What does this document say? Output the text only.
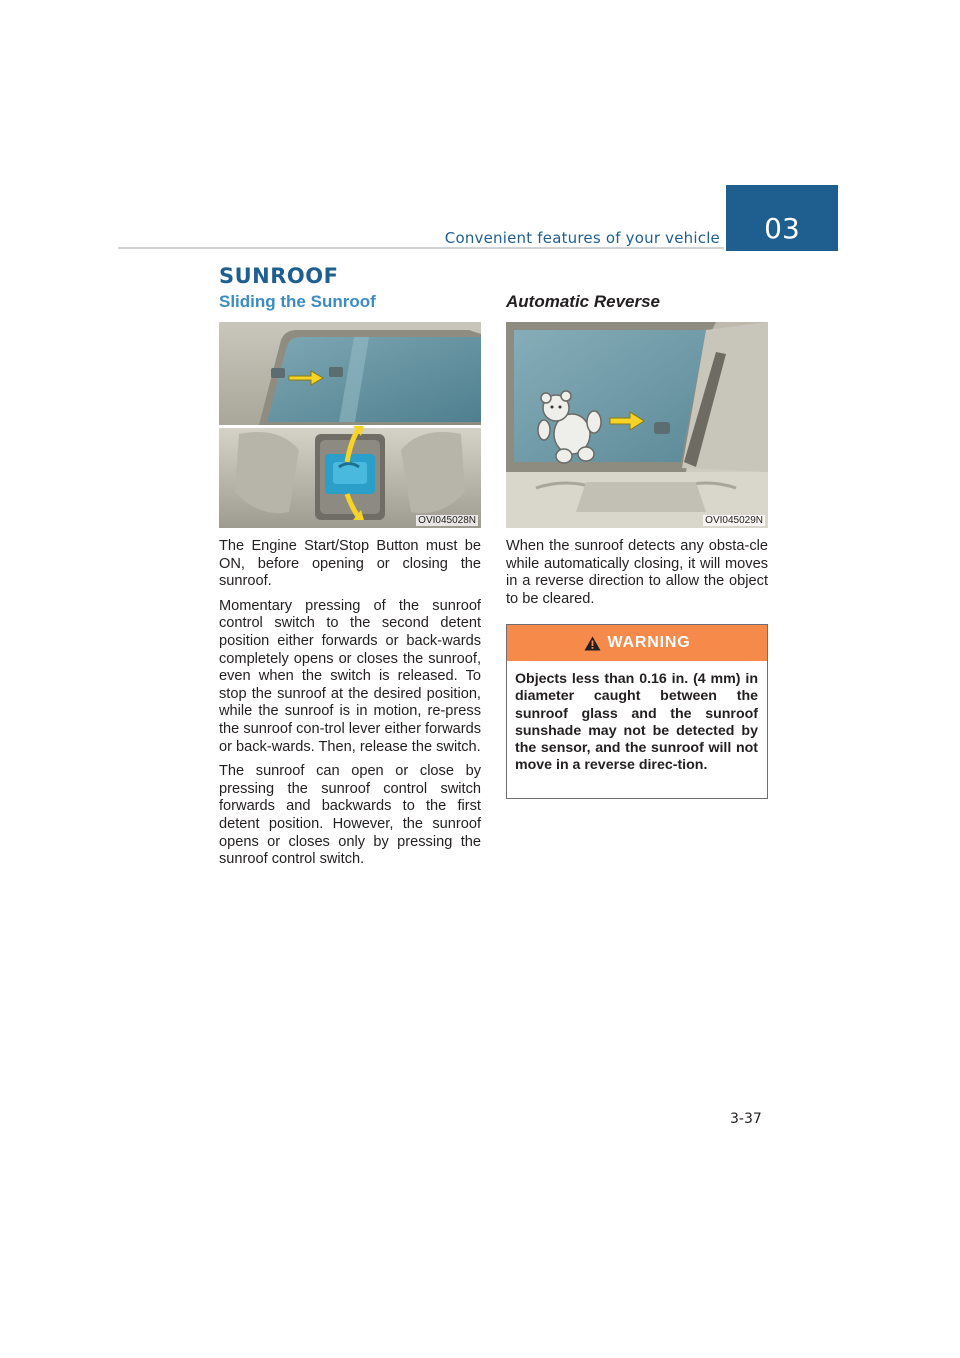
Convenient features of your vehicle	03
SUNROOF
Sliding the Sunroof	Automatic Reverse
OVI045028N	OVI045029N

The Engine Start/Stop Button must be ON, before opening or closing the sunroof.

Momentary pressing of the sunroof control switch to the second detent position either forwards or back-wards completely opens or closes the sunroof, even when the switch is released. To stop the sunroof at the desired position, while the sunroof is in motion, re-press the sunroof con-trol lever either forwards or back-wards. Then, release the switch.

The sunroof can open or close by pressing the sunroof control switch forwards and backwards to the first detent position. However, the sunroof opens or closes only by pressing the sunroof control switch.

When the sunroof detects any obsta-cle while automatically closing, it will moves in a reverse direction to allow the object to be cleared.

WARNING
Objects less than 0.16 in. (4 mm) in diameter caught between the sunroof glass and the sunroof sunshade may not be detected by the sensor, and the sunroof will not move in a reverse direc-tion.
3-37
